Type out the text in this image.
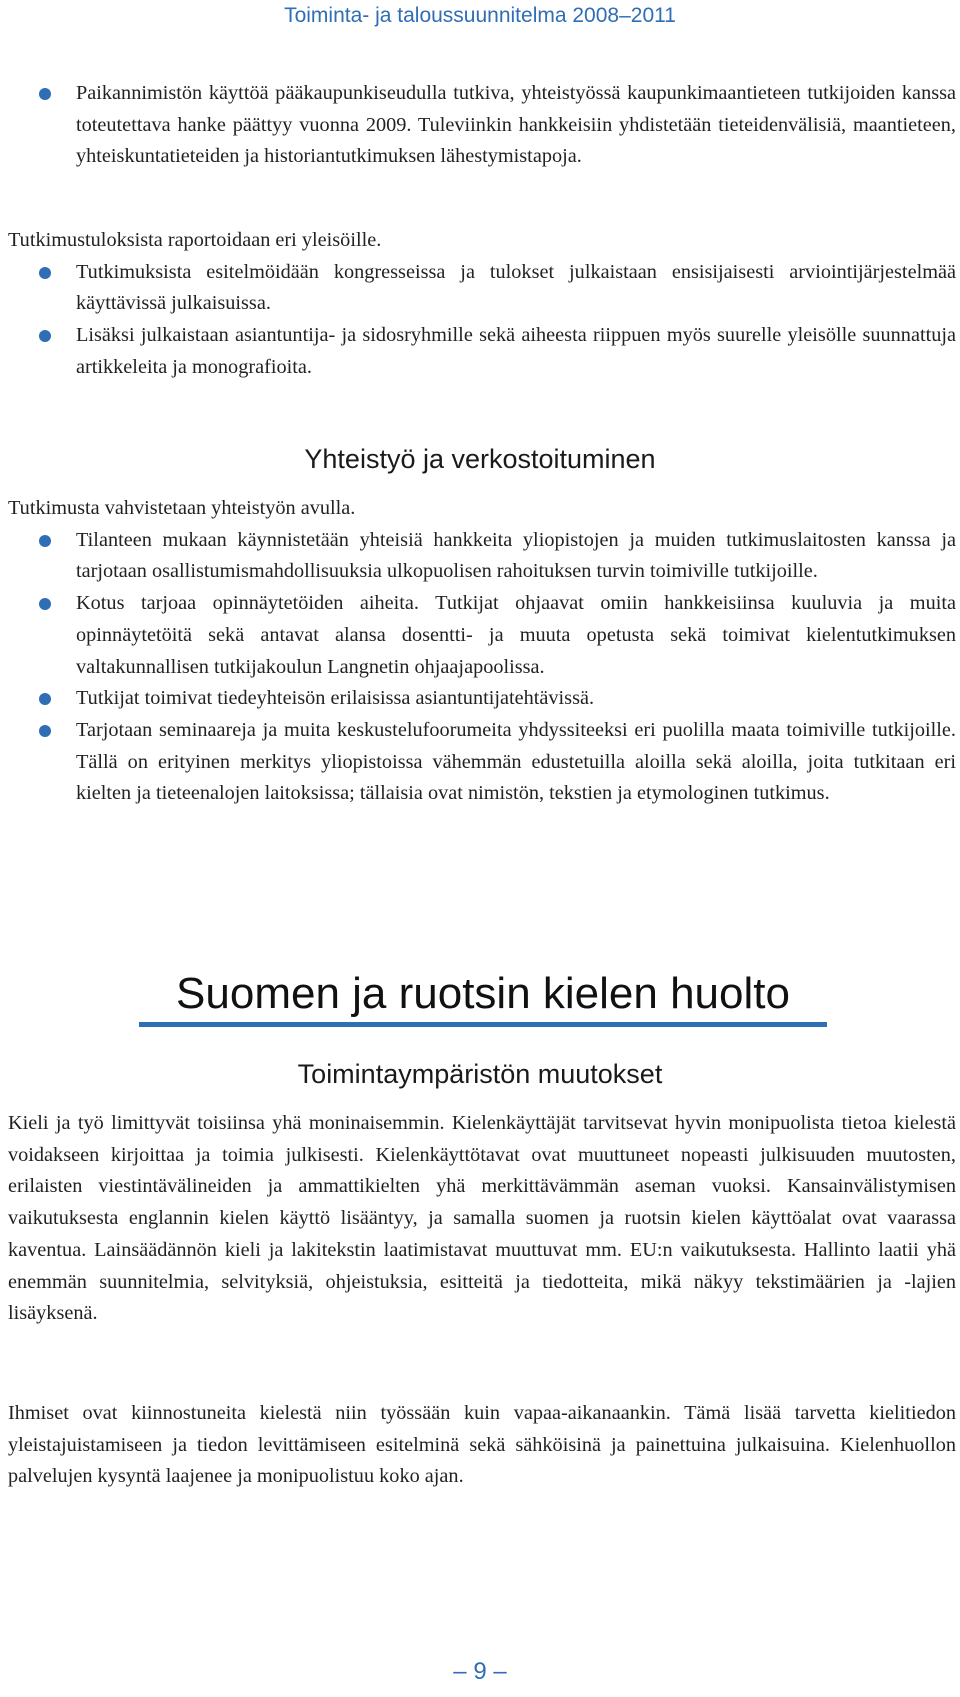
Toiminta- ja taloussuunnitelma 2008–2011
Paikannimistön käyttöä pääkaupunkiseudulla tutkiva, yhteistyössä kaupunkimaantieteen tutkijoiden kanssa toteutettava hanke päättyy vuonna 2009. Tuleviinkin hankkeisiin yhdistetään tieteidenvälisiä, maantieteen, yhteiskuntatieteiden ja historiantutkimuksen lähestymistapoja.

Tutkimustuloksista raportoidaan eri yleisöille.

Tutkimuksista esitelmöidään kongresseissa ja tulokset julkaistaan ensisijaisesti arviointijärjestelmää käyttävissä julkaisuissa.
Lisäksi julkaistaan asiantuntija- ja sidosryhmille sekä aiheesta riippuen myös suurelle yleisölle suunnattuja artikkeleita ja monografioita.
Yhteistyö ja verkostoituminen

Tutkimusta vahvistetaan yhteistyön avulla.

Tilanteen mukaan käynnistetään yhteisiä hankkeita yliopistojen ja muiden tutkimuslaitosten kanssa ja tarjotaan osallistumismahdollisuuksia ulkopuolisen rahoituksen turvin toimiville tutkijoille.
Kotus tarjoaa opinnäytetöiden aiheita. Tutkijat ohjaavat omiin hankkeisiinsa kuuluvia ja muita opinnäytetöitä sekä antavat alansa dosentti- ja muuta opetusta sekä toimivat kielentutkimuksen valtakunnallisen tutkijakoulun Langnetin ohjaajapoolissa.
Tutkijat toimivat tiedeyhteisön erilaisissa asiantuntijatehtävissä.
Tarjotaan seminaareja ja muita keskustelufoorumeita yhdyssiteeksi eri puolilla maata toimiville tutkijoille. Tällä on erityinen merkitys yliopistoissa vähemmän edustetuilla aloilla sekä aloilla, joita tutkitaan eri kielten ja tieteenalojen laitoksissa; tällaisia ovat nimistön, tekstien ja etymologinen tutkimus.
Suomen ja ruotsin kielen huolto
Toimintaympäristön muutokset

Kieli ja työ limittyvät toisiinsa yhä moninaisemmin. Kielenkäyttäjät tarvitsevat hyvin monipuolista tietoa kielestä voidakseen kirjoittaa ja toimia julkisesti. Kielenkäyttötavat ovat muuttuneet nopeasti julkisuuden muutosten, erilaisten viestintävälineiden ja ammattikielten yhä merkittävämmän aseman vuoksi. Kansainvälistymisen vaikutuksesta englannin kielen käyttö lisääntyy, ja samalla suomen ja ruotsin kielen käyttöalat ovat vaarassa kaventua. Lainsäädännön kieli ja lakitekstin laatimistavat muuttuvat mm. EU:n vaikutuksesta. Hallinto laatii yhä enemmän suunnitelmia, selvityksiä, ohjeistuksia, esitteitä ja tiedotteita, mikä näkyy tekstimäärien ja -lajien lisäyksenä.

Ihmiset ovat kiinnostuneita kielestä niin työssään kuin vapaa-aikanaankin. Tämä lisää tarvetta kielitiedon yleistajuistamiseen ja tiedon levittämiseen esitelminä sekä sähköisinä ja painettuina julkaisuina. Kielenhuollon palvelujen kysyntä laajenee ja monipuolistuu koko ajan.

– 9 –
